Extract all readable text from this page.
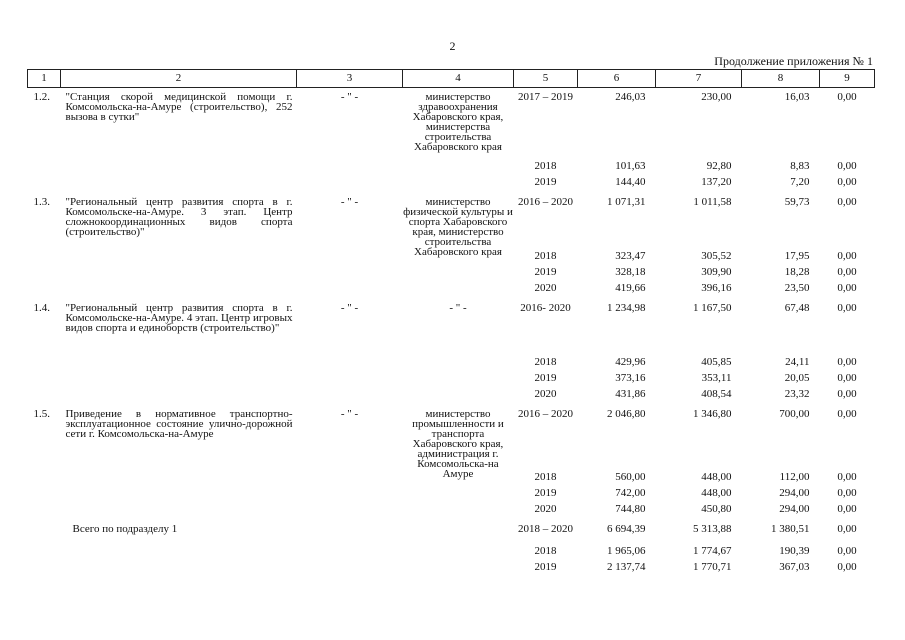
2
Продолжение приложения № 1
1	2	3	4	5	6	7	8	9
1.2.	"Станция скорой медицинской помощи г. Комсомольска-на-Амуре (строительство), 252 вызова в сутки"	- " -	министерство здравоохранения Хабаровского края, министерства строительства Хабаровского края	2017 – 2019	246,03	230,00	16,03	0,00
				2018	101,63	92,80	8,83	0,00
				2019	144,40	137,20	7,20	0,00
1.3.	"Региональный центр развития спорта в г. Комсомольске-на-Амуре. 3 этап. Центр сложнокоординационных видов спорта (строительство)"	- " -	министерство физической культуры и спорта Хабаровского края, министерство строительства Хабаровского края	2016 – 2020	1 071,31	1 011,58	59,73	0,00
				2018	323,47	305,52	17,95	0,00
				2019	328,18	309,90	18,28	0,00
				2020	419,66	396,16	23,50	0,00
1.4.	"Региональный центр развития спорта в г. Комсомольске-на-Амуре. 4 этап. Центр игровых видов спорта и единоборств (строительство)"	- " -	- " -	2016- 2020	1 234,98	1 167,50	67,48	0,00
				2018	429,96	405,85	24,11	0,00
				2019	373,16	353,11	20,05	0,00
				2020	431,86	408,54	23,32	0,00
1.5.	Приведение в нормативное транспортно-эксплуатационное состояние улично-дорожной сети г. Комсомольска-на-Амуре	- " -	министерство промышленности и транспорта Хабаровского края, администрация г. Комсомольска-на Амуре	2016 – 2020	2 046,80	1 346,80	700,00	0,00
				2018	560,00	448,00	112,00	0,00
				2019	742,00	448,00	294,00	0,00
				2020	744,80	450,80	294,00	0,00
	Всего по подразделу 1			2018 – 2020	6 694,39	5 313,88	1 380,51	0,00
				2018	1 965,06	1 774,67	190,39	0,00
				2019	2 137,74	1 770,71	367,03	0,00
